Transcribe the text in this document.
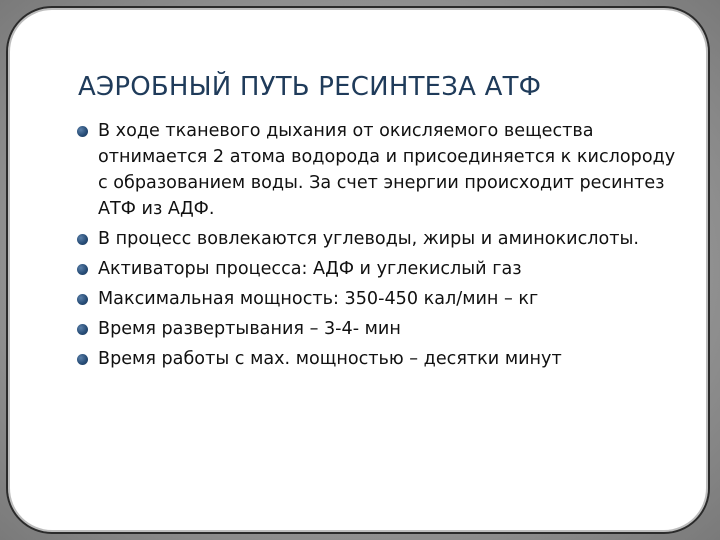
АЭРОБНЫЙ ПУТЬ РЕСИНТЕЗА АТФ
В ходе тканевого дыхания от окисляемого вещества отнимается 2 атома водорода и присоединяется к кислороду с образованием воды. За счет энергии происходит ресинтез АТФ из АДФ.
В процесс вовлекаются углеводы, жиры и аминокислоты.
Активаторы процесса: АДФ и углекислый газ
Максимальная мощность: 350-450 кал/мин – кг
Время развертывания – 3-4- мин
Время работы с мах. мощностью – десятки минут
